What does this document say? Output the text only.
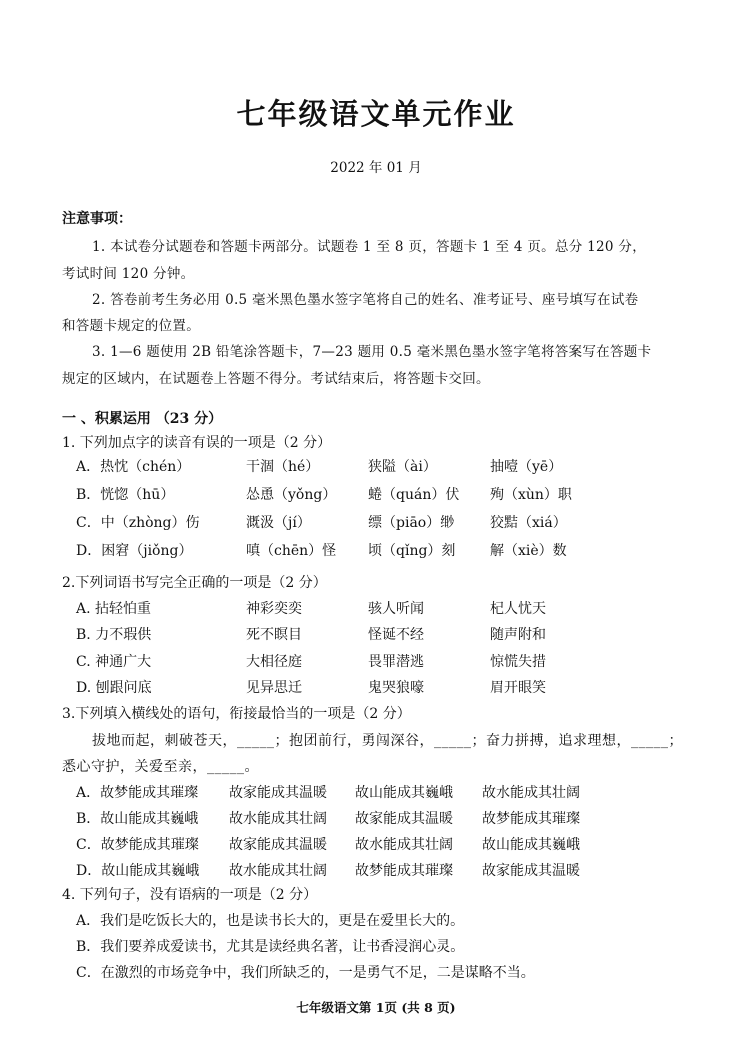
七年级语文单元作业
2022 年 01 月
注意事项：
1. 本试卷分试题卷和答题卡两部分。试题卷 1 至 8 页，答题卡 1 至 4 页。总分 120 分，
考试时间 120 分钟。
2. 答卷前考生务必用 0.5 毫米黑色墨水签字笔将自己的姓名、准考证号、座号填写在试卷
和答题卡规定的位置。
3. 1—6 题使用 2B 铅笔涂答题卡，7—23 题用 0.5 毫米黑色墨水签字笔将答案写在答题卡
规定的区域内，在试题卷上答题不得分。考试结束后，将答题卡交回。
一 、积累运用 （23 分）
1. 下列加点字的读音有误的一项是（2 分）
A．热忱（chén）	干涸（hé）	狭隘（ài）	抽噎（yē）
B．恍惚（hū）	怂恿（yǒng） 蜷（quán）伏 殉（xùn）职
C．中（zhòng）伤	溉汲（jí）	缥（piāo）缈	狡黠（xiá）
D．困窘（jiǒng）	嗔（chēn）怪 顷（qǐng）刻 解（xiè）数
2.下列词语书写完全正确的一项是（2 分）
A. 拈轻怕重	神彩奕奕	骇人听闻	杞人忧天
B. 力不瑕供	死不瞑目	怪诞不经	随声附和
C. 神通广大	大相径庭	畏罪潜逃	惊慌失措
D. 刨跟问底	见异思迁	鬼哭狼嚎	眉开眼笑
3.下列填入横线处的语句，衔接最恰当的一项是（2 分）
拔地而起，刺破苍天，_____；抱团前行，勇闯深谷，_____；奋力拼搏，追求理想，_____；
悉心守护，关爱至亲，_____。
A．故梦能成其璀璨 故家能成其温暖 故山能成其巍峨 故水能成其壮阔
B．故山能成其巍峨 故水能成其壮阔 故家能成其温暖 故梦能成其璀璨
C．故梦能成其璀璨 故家能成其温暖 故水能成其壮阔 故山能成其巍峨
D．故山能成其巍峨 故水能成其壮阔 故梦能成其璀璨 故家能成其温暖
4. 下列句子，没有语病的一项是（2 分）
A．我们是吃饭长大的，也是读书长大的，更是在爱里长大的。
B．我们要养成爱读书，尤其是读经典名著，让书香浸润心灵。
C．在激烈的市场竞争中，我们所缺乏的，一是勇气不足，二是谋略不当。
七年级语文第 1页 (共 8 页)
